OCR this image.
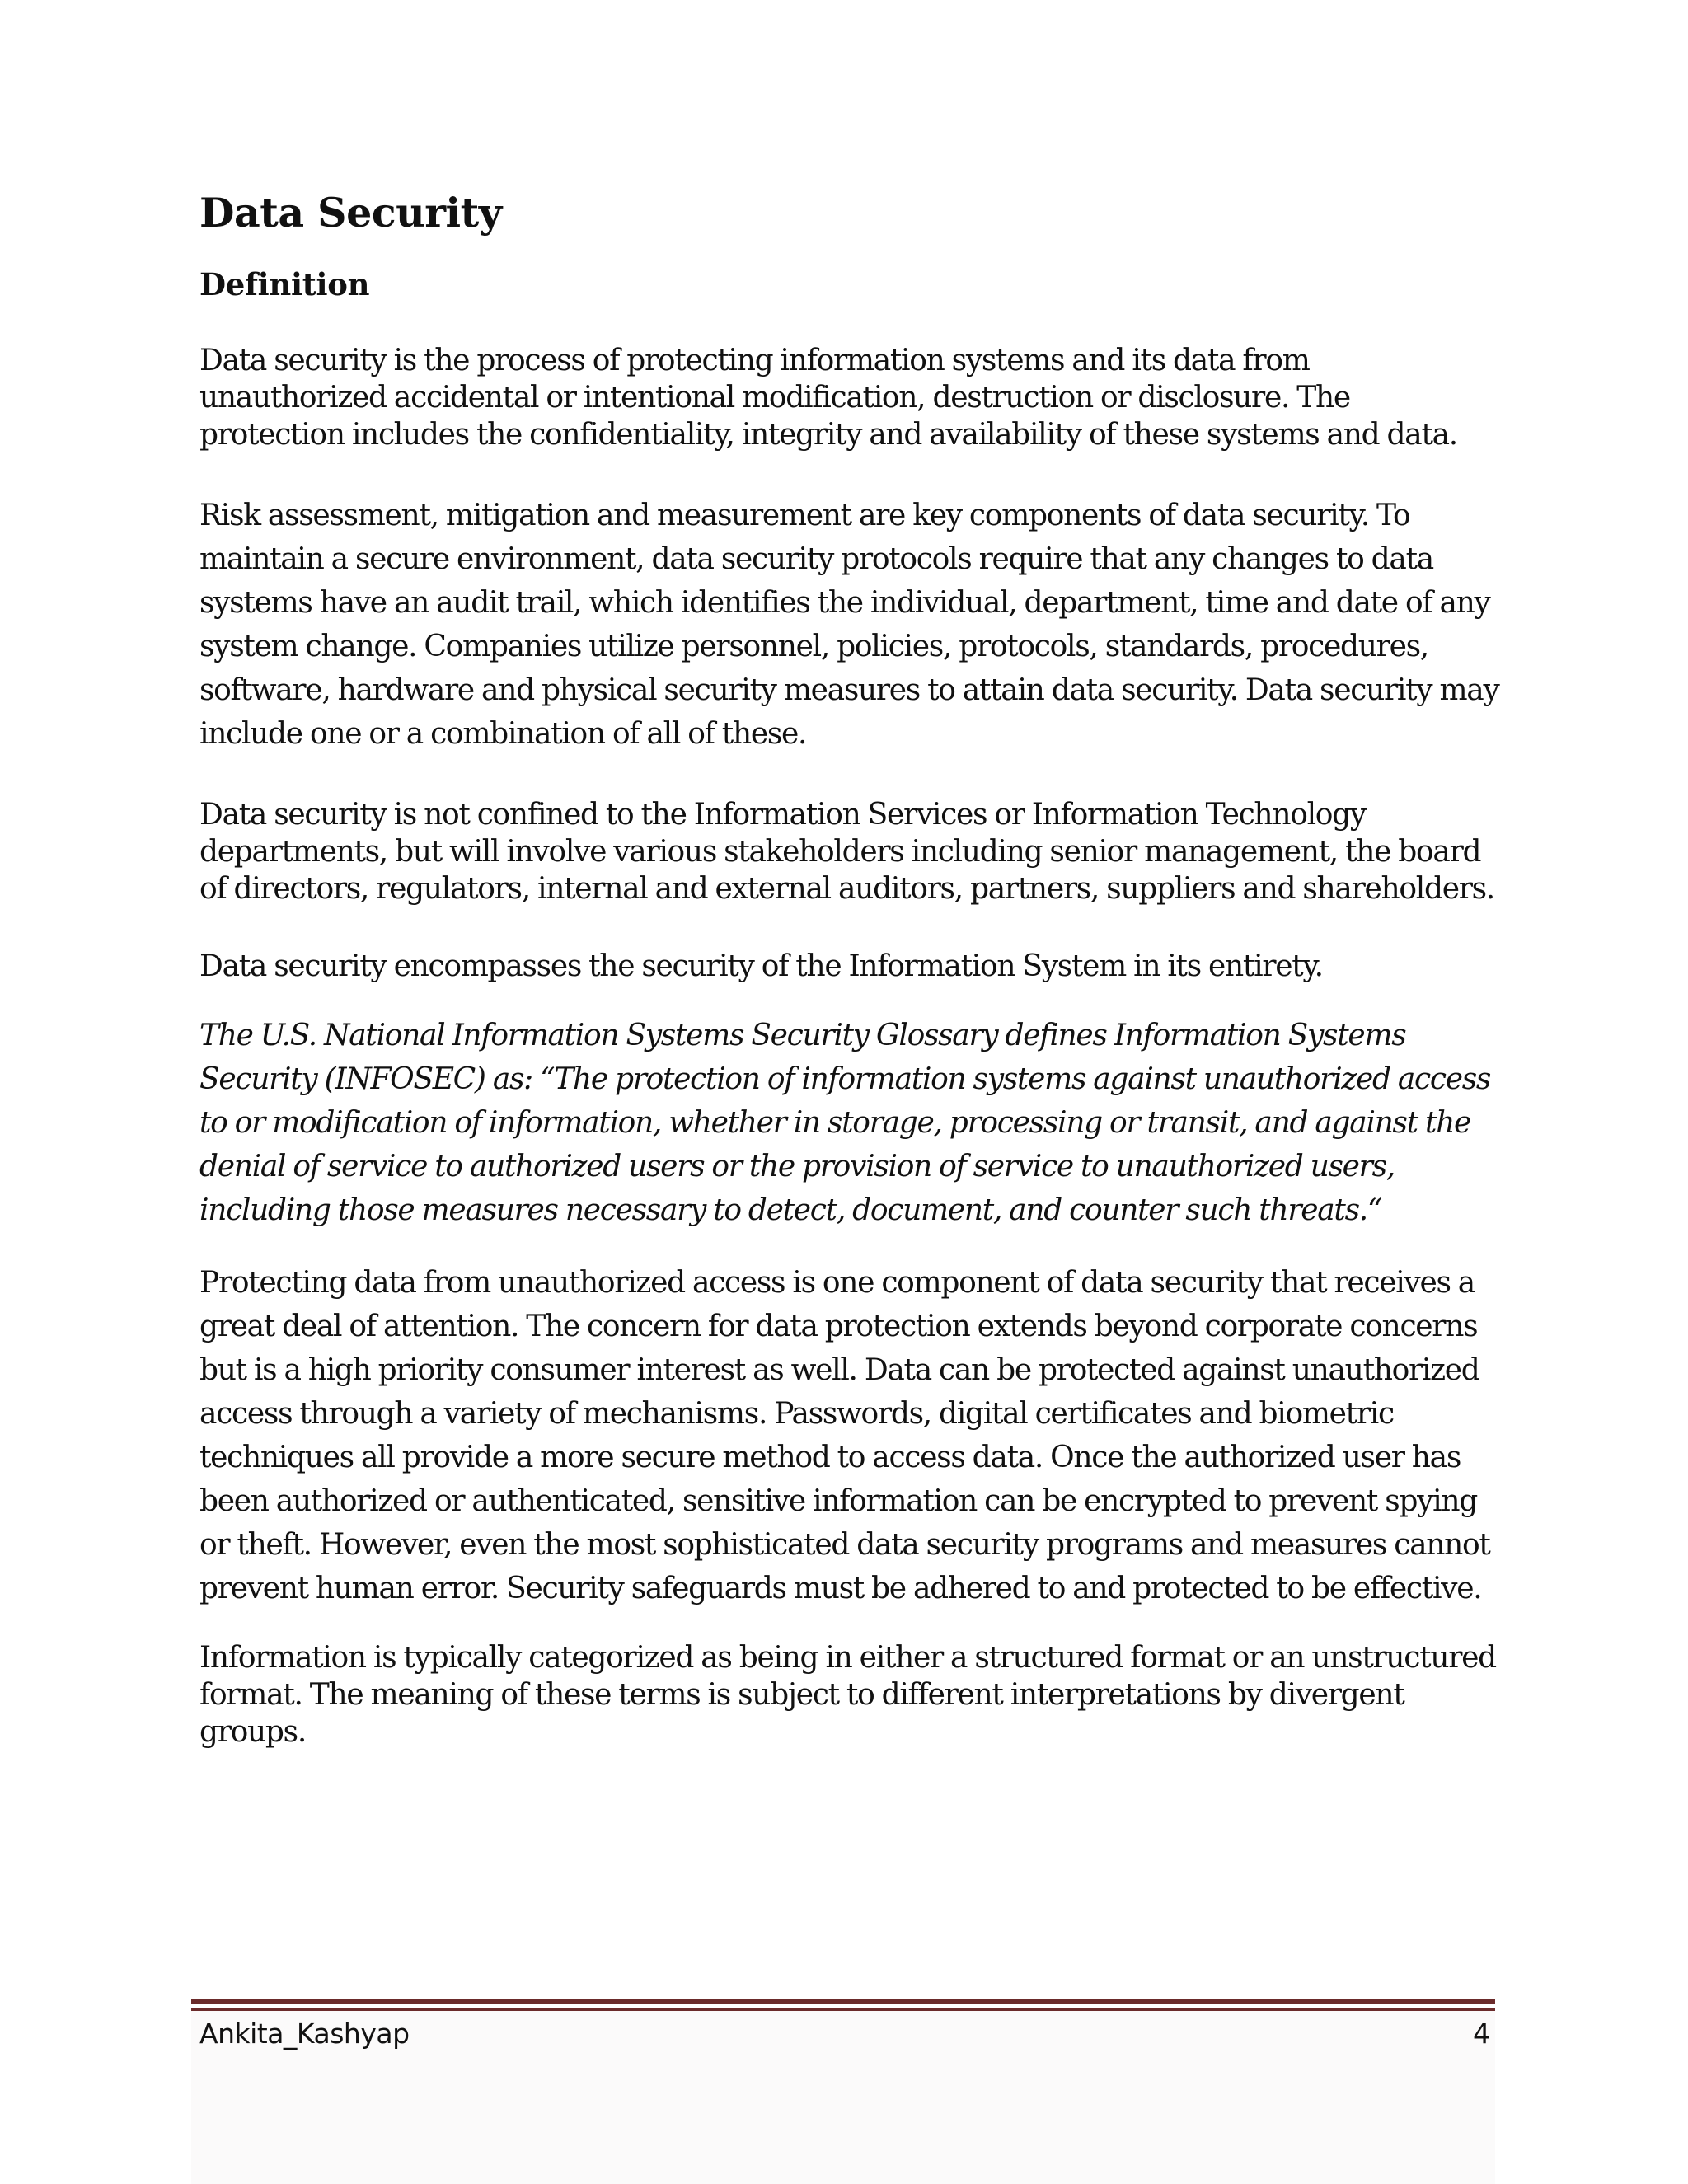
Data Security
Definition

Data security is the process of protecting information systems and its data from unauthorized accidental or intentional modification, destruction or disclosure. The protection includes the confidentiality, integrity and availability of these systems and data.

Risk assessment, mitigation and measurement are key components of data security. To maintain a secure environment, data security protocols require that any changes to data systems have an audit trail, which identifies the individual, department, time and date of any system change. Companies utilize personnel, policies, protocols, standards, procedures, software, hardware and physical security measures to attain data security. Data security may include one or a combination of all of these.

Data security is not confined to the Information Services or Information Technology departments, but will involve various stakeholders including senior management, the board of directors, regulators, internal and external auditors, partners, suppliers and shareholders.

Data security encompasses the security of the Information System in its entirety.

The U.S. National Information Systems Security Glossary defines Information Systems Security (INFOSEC) as: “The protection of information systems against unauthorized access to or modification of information, whether in storage, processing or transit, and against the denial of service to authorized users or the provision of service to unauthorized users, including those measures necessary to detect, document, and counter such threats.“

Protecting data from unauthorized access is one component of data security that receives a great deal of attention. The concern for data protection extends beyond corporate concerns but is a high priority consumer interest as well. Data can be protected against unauthorized access through a variety of mechanisms. Passwords, digital certificates and biometric techniques all provide a more secure method to access data. Once the authorized user has been authorized or authenticated, sensitive information can be encrypted to prevent spying or theft. However, even the most sophisticated data security programs and measures cannot prevent human error. Security safeguards must be adhered to and protected to be effective.

Information is typically categorized as being in either a structured format or an unstructured format. The meaning of these terms is subject to different interpretations by divergent groups.

Ankita_Kashyap	4
